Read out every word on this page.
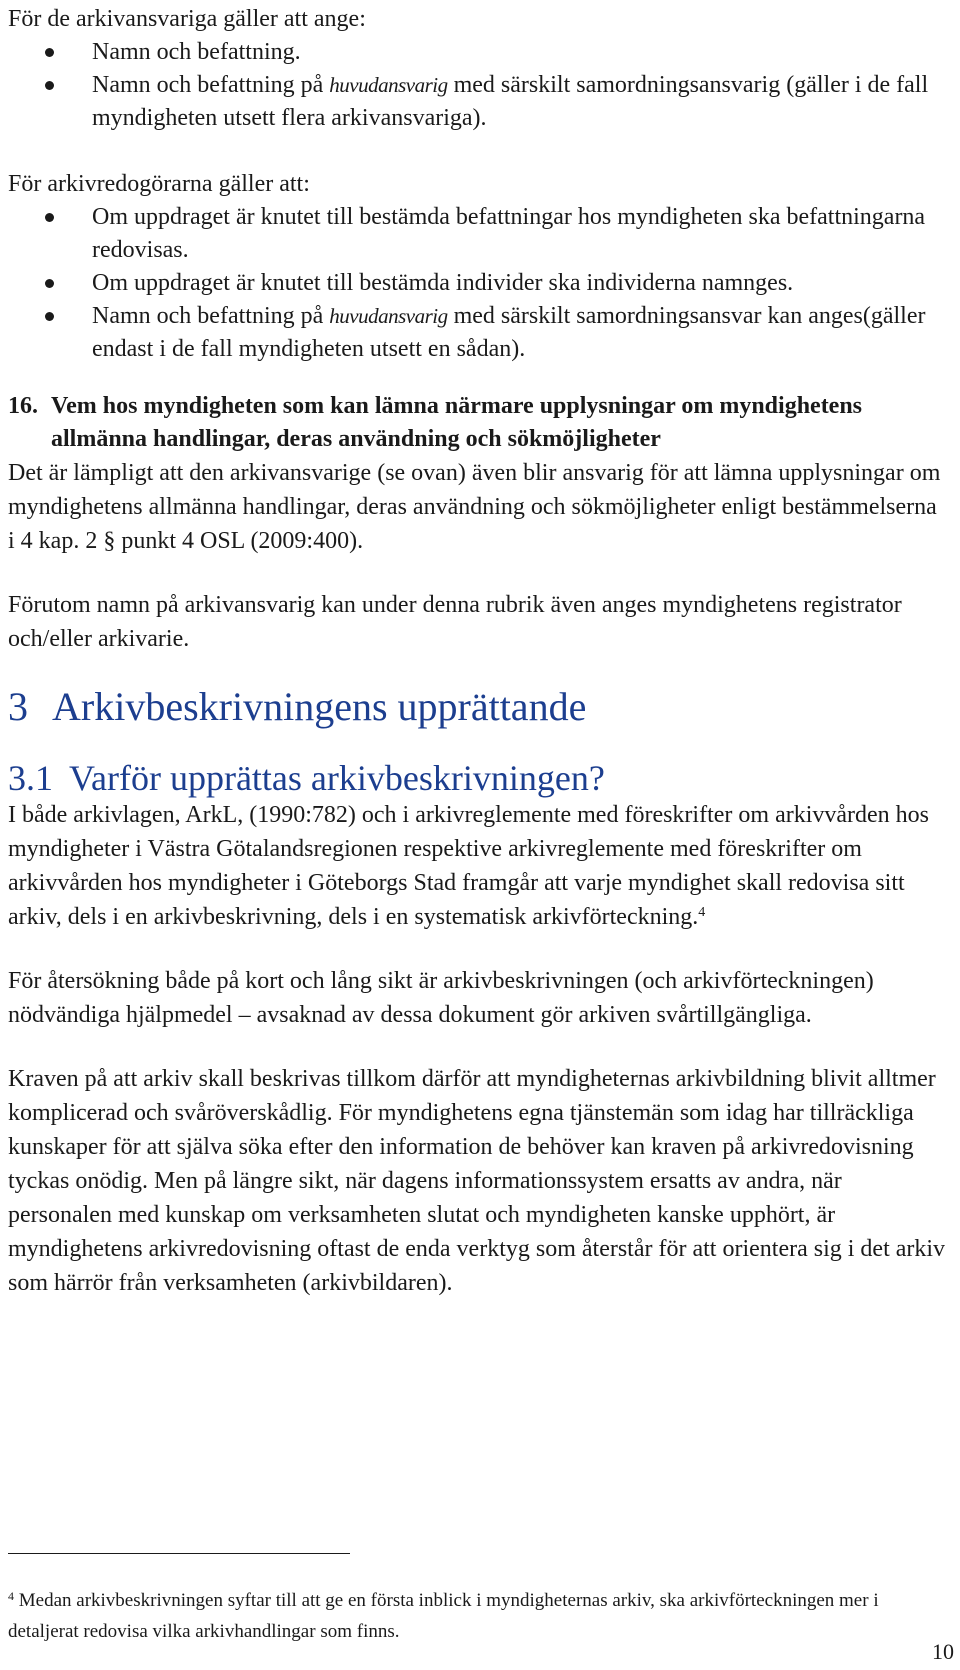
För de arkivansvariga gäller att ange:

Namn och befattning.
Namn och befattning på huvudansvarig med särskilt samordningsansvarig (gäller i de fall myndigheten utsett flera arkivansvariga).

För arkivredogörarna gäller att:

Om uppdraget är knutet till bestämda befattningar hos myndigheten ska befattningarna redovisas.
Om uppdraget är knutet till bestämda individer ska individerna namnges.
Namn och befattning på huvudansvarig med särskilt samordningsansvar kan anges(gäller endast i de fall myndigheten utsett en sådan).

16. Vem hos myndigheten som kan lämna närmare upplysningar om myndighetens allmänna handlingar, deras användning och sökmöjligheter

Det är lämpligt att den arkivansvarige (se ovan) även blir ansvarig för att lämna upplysningar om myndighetens allmänna handlingar, deras användning och sökmöjligheter enligt bestämmelserna i 4 kap. 2 § punkt 4 OSL (2009:400).

Förutom namn på arkivansvarig kan under denna rubrik även anges myndighetens registrator och/eller arkivarie.

3 Arkivbeskrivningens upprättande
3.1 Varför upprättas arkivbeskrivningen?

I både arkivlagen, ArkL, (1990:782) och i arkivreglemente med föreskrifter om arkivvården hos myndigheter i Västra Götalandsregionen respektive arkivreglemente med föreskrifter om arkivvården hos myndigheter i Göteborgs Stad framgår att varje myndighet skall redovisa sitt arkiv, dels i en arkivbeskrivning, dels i en systematisk arkivförteckning.$^4$

För återsökning både på kort och lång sikt är arkivbeskrivningen (och arkivförteckningen) nödvändiga hjälpmedel – avsaknad av dessa dokument gör arkiven svårtillgängliga.

Kraven på att arkiv skall beskrivas tillkom därför att myndigheternas arkivbildning blivit alltmer komplicerad och svåröverskådlig. För myndighetens egna tjänstemän som idag har tillräckliga kunskaper för att själva söka efter den information de behöver kan kraven på arkivredovisning tyckas onödig. Men på längre sikt, när dagens informationssystem ersatts av andra, när personalen med kunskap om verksamheten slutat och myndigheten kanske upphört, är myndighetens arkivredovisning oftast de enda verktyg som återstår för att orientera sig i det arkiv som härrör från verksamheten (arkivbildaren).

$^4$ Medan arkivbeskrivningen syftar till att ge en första inblick i myndigheternas arkiv, ska arkivförteckningen mer i detaljerat redovisa vilka arkivhandlingar som finns.

10
